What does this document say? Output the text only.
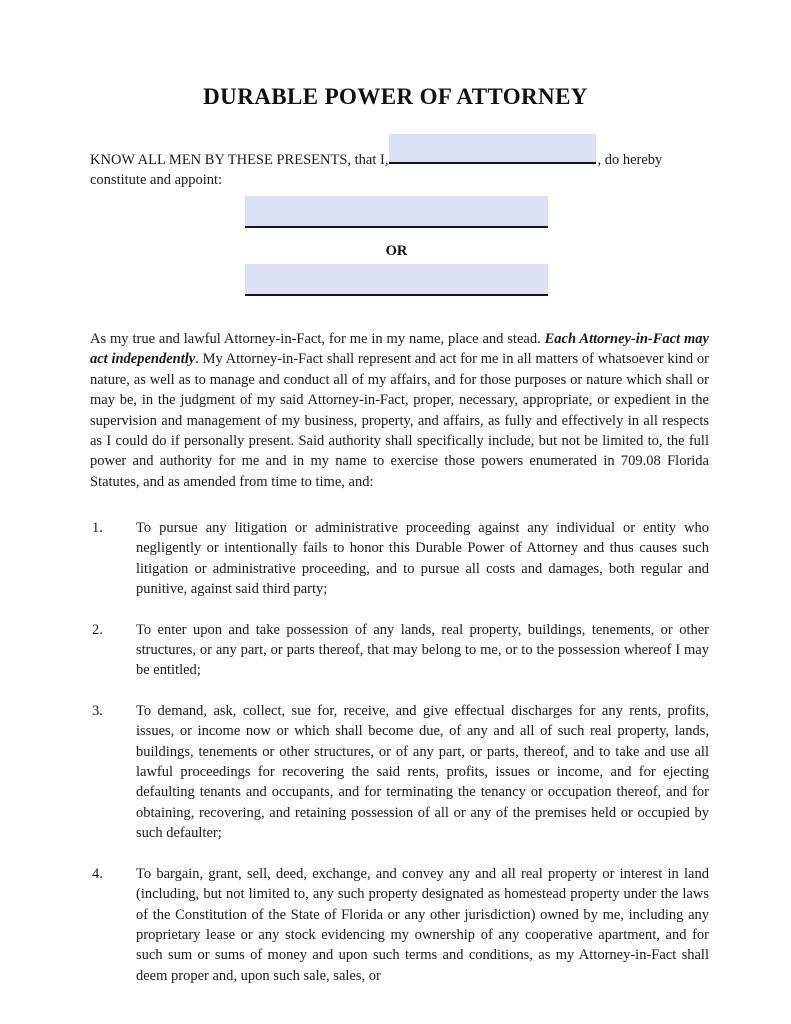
DURABLE POWER OF ATTORNEY
KNOW ALL MEN BY THESE PRESENTS, that I,	, do hereby
constitute and appoint:
OR
As my true and lawful Attorney-in-Fact, for me in my name, place and stead. Each Attorney-in-Fact may act independently. My Attorney-in-Fact shall represent and act for me in all matters of whatsoever kind or nature, as well as to manage and conduct all of my affairs, and for those purposes or nature which shall or may be, in the judgment of my said Attorney-in-Fact, proper, necessary, appropriate, or expedient in the supervision and management of my business, property, and affairs, as fully and effectively in all respects as I could do if personally present. Said authority shall specifically include, but not be limited to, the full power and authority for me and in my name to exercise those powers enumerated in 709.08 Florida Statutes, and as amended from time to time, and:
1.	To pursue any litigation or administrative proceeding against any individual or entity who negligently or intentionally fails to honor this Durable Power of Attorney and thus causes such litigation or administrative proceeding, and to pursue all costs and damages, both regular and punitive, against said third party;
2.	To enter upon and take possession of any lands, real property, buildings, tenements, or other structures, or any part, or parts thereof, that may belong to me, or to the possession whereof I may be entitled;
3.	To demand, ask, collect, sue for, receive, and give effectual discharges for any rents, profits, issues, or income now or which shall become due, of any and all of such real property, lands, buildings, tenements or other structures, or of any part, or parts, thereof, and to take and use all lawful proceedings for recovering the said rents, profits, issues or income, and for ejecting defaulting tenants and occupants, and for terminating the tenancy or occupation thereof, and for obtaining, recovering, and retaining possession of all or any of the premises held or occupied by such defaulter;
4.	To bargain, grant, sell, deed, exchange, and convey any and all real property or interest in land (including, but not limited to, any such property designated as homestead property under the laws of the Constitution of the State of Florida or any other jurisdiction) owned by me, including any proprietary lease or any stock evidencing my ownership of any cooperative apartment, and for such sum or sums of money and upon such terms and conditions, as my Attorney-in-Fact shall deem proper and, upon such sale, sales, or
